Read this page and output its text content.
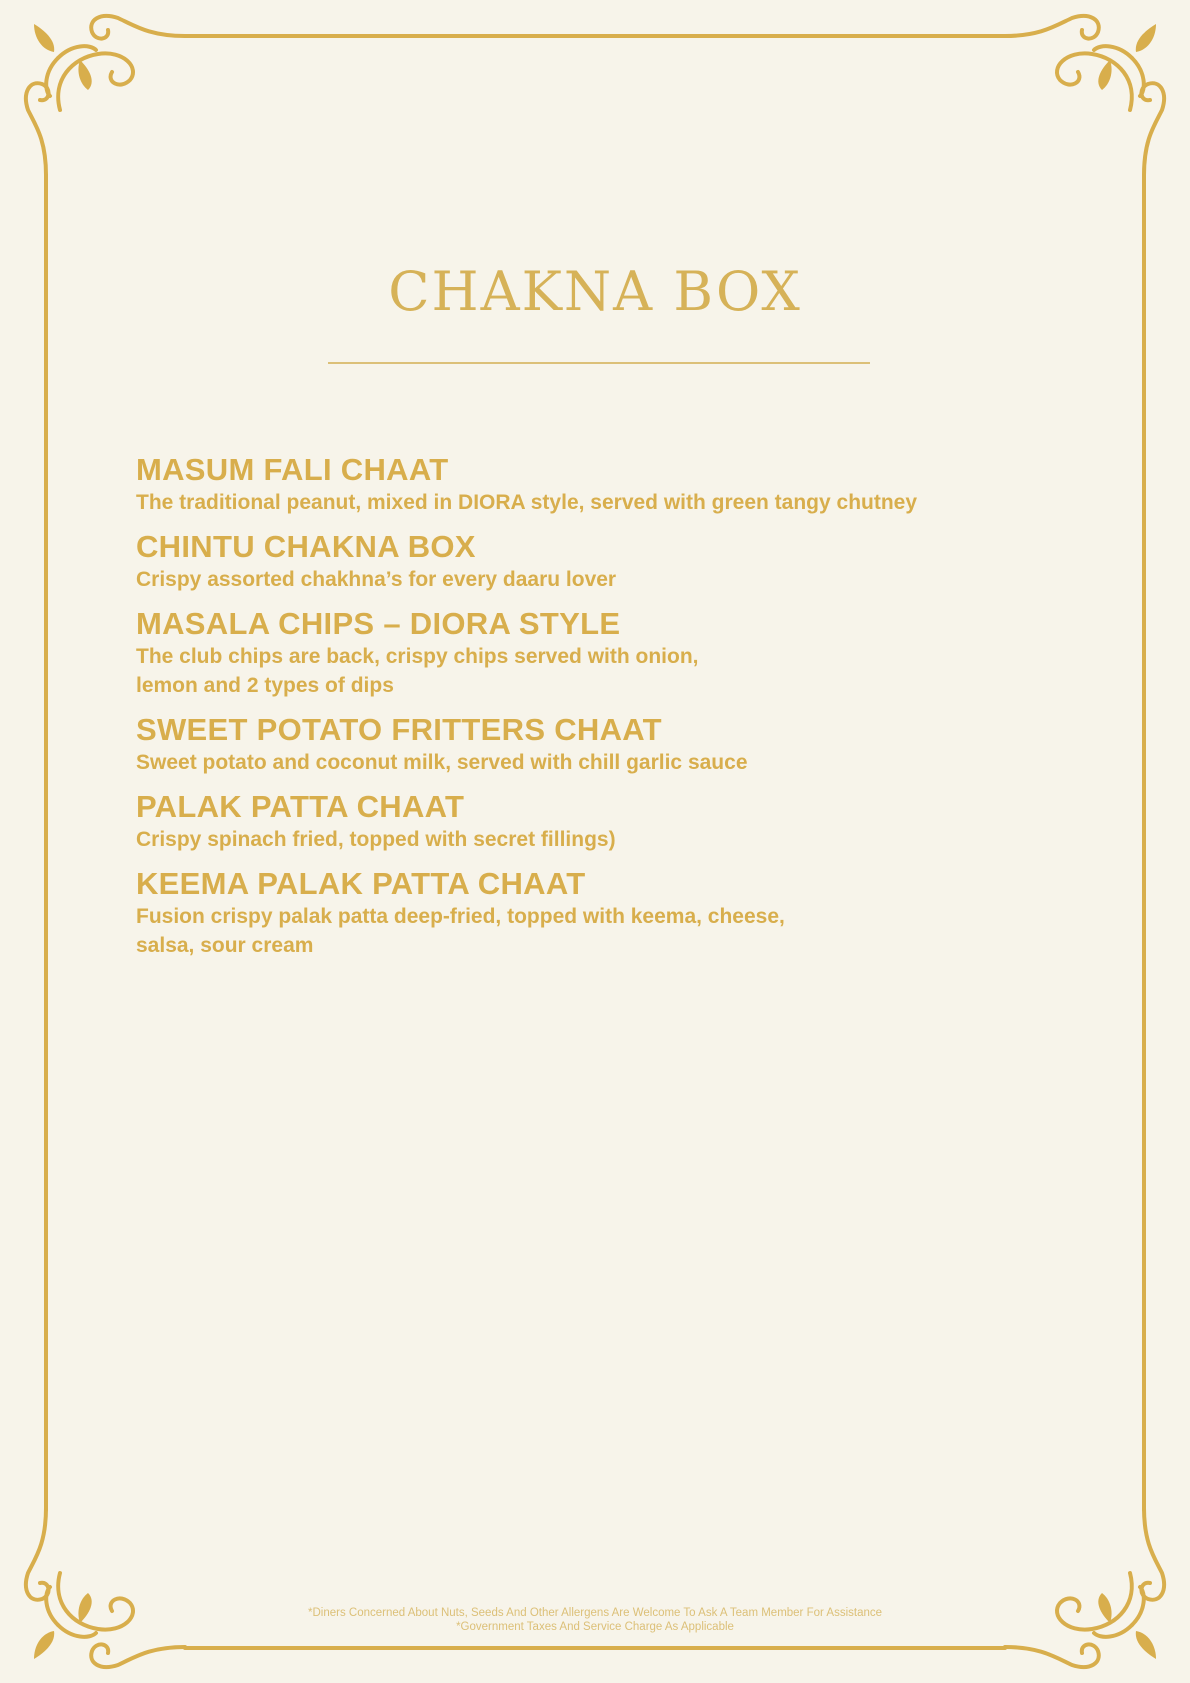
CHAKNA BOX
MASUM FALI CHAAT
The traditional peanut, mixed in DIORA style, served with green tangy chutney
CHINTU CHAKNA BOX
Crispy assorted chakhna’s for every daaru lover
MASALA CHIPS – DIORA STYLE
The club chips are back, crispy chips served with onion,
lemon and 2 types of dips
SWEET POTATO FRITTERS CHAAT
Sweet potato and coconut milk, served with chill garlic sauce
PALAK PATTA CHAAT
Crispy spinach fried, topped with secret fillings)
KEEMA PALAK PATTA CHAAT
Fusion crispy palak patta deep-fried, topped with keema, cheese,
salsa, sour cream
*Diners Concerned About Nuts, Seeds And Other Allergens Are Welcome To Ask A Team Member For Assistance
*Government Taxes And Service Charge As Applicable
